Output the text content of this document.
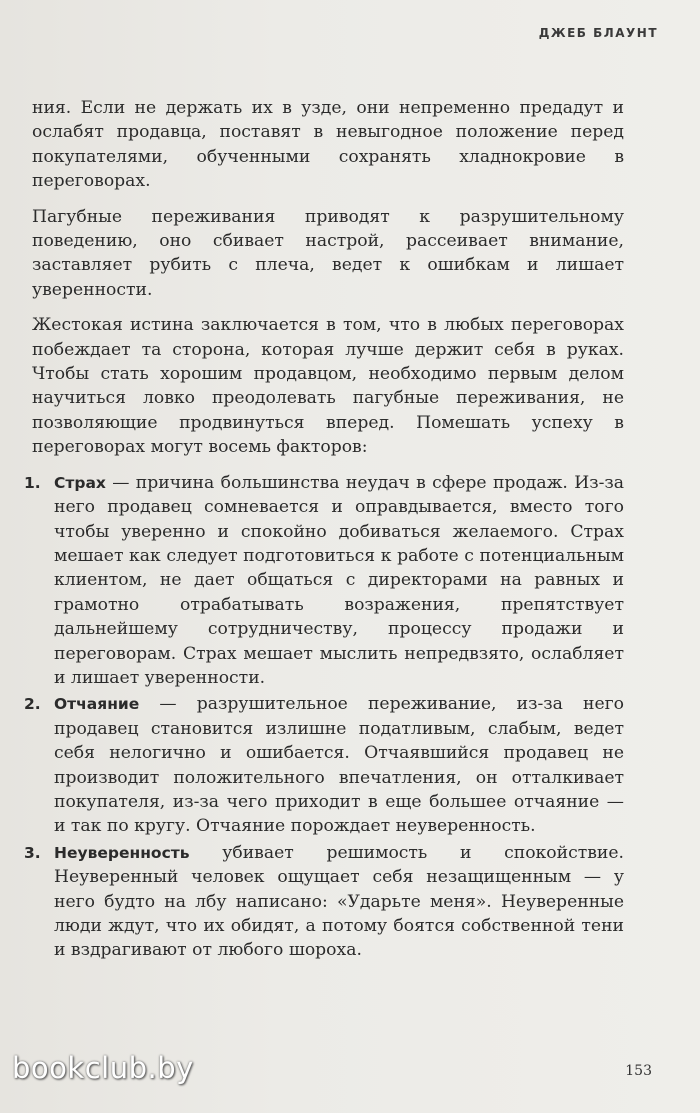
ДЖЕБ БЛАУНТ

ния. Если не держать их в узде, они непременно предадут и ослабят продавца, поставят в невыгодное положение перед покупателями, обученными сохранять хладнокровие в переговорах.

Пагубные переживания приводят к разрушительному поведению, оно сбивает настрой, рассеивает внимание, заставляет рубить с плеча, ведет к ошибкам и лишает уверенности.

Жестокая истина заключается в том, что в любых переговорах побеждает та сторона, которая лучше держит себя в руках. Чтобы стать хорошим продавцом, необходимо первым делом научиться ловко преодолевать пагубные переживания, не позволяющие продвинуться вперед. Помешать успеху в переговорах могут восемь факторов:

1. Страх — причина большинства неудач в сфере продаж. Из-за него продавец сомневается и оправдывается, вместо того чтобы уверенно и спокойно добиваться желаемого. Страх мешает как следует подготовиться к работе с потенциальным клиентом, не дает общаться с директорами на равных и грамотно отрабатывать возражения, препятствует дальнейшему сотрудничеству, процессу продажи и переговорам. Страх мешает мыслить непредвзято, ослабляет и лишает уверенности.
2. Отчаяние — разрушительное переживание, из-за него продавец становится излишне податливым, слабым, ведет себя нелогично и ошибается. Отчаявшийся продавец не производит положительного впечатления, он отталкивает покупателя, из-за чего приходит в еще большее отчаяние — и так по кругу. Отчаяние порождает неуверенность.
3. Неуверенность убивает решимость и спокойствие. Неуверенный человек ощущает себя незащищенным — у него будто на лбу написано: «Ударьте меня». Неуверенные люди ждут, что их обидят, а потому боятся собственной тени и вздрагивают от любого шороха.
bookclub.by	153
